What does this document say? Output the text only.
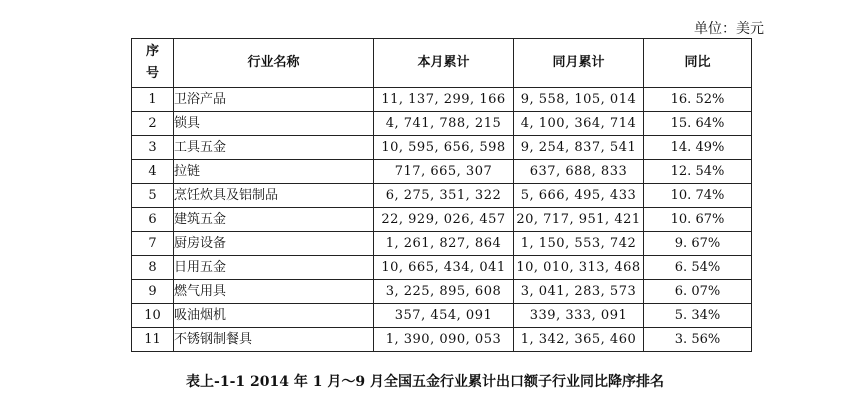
单位：美元
序号	行业名称	本月累计	同月累计	同比
1	卫浴产品	11, 137, 299, 166	9, 558, 105, 014	16. 52%
2	锁具	4, 741, 788, 215	4, 100, 364, 714	15. 64%
3	工具五金	10, 595, 656, 598	9, 254, 837, 541	14. 49%
4	拉链	717, 665, 307	637, 688, 833	12. 54%
5	烹饪炊具及铝制品	6, 275, 351, 322	5, 666, 495, 433	10. 74%
6	建筑五金	22, 929, 026, 457	20, 717, 951, 421	10. 67%
7	厨房设备	1, 261, 827, 864	1, 150, 553, 742	9. 67%
8	日用五金	10, 665, 434, 041	10, 010, 313, 468	6. 54%
9	燃气用具	3, 225, 895, 608	3, 041, 283, 573	6. 07%
10	吸油烟机	357, 454, 091	339, 333, 091	5. 34%
11	不锈钢制餐具	1, 390, 090, 053	1, 342, 365, 460	3. 56%
表上-1-1 2014 年 1 月～9 月全国五金行业累计出口额子行业同比降序排名
